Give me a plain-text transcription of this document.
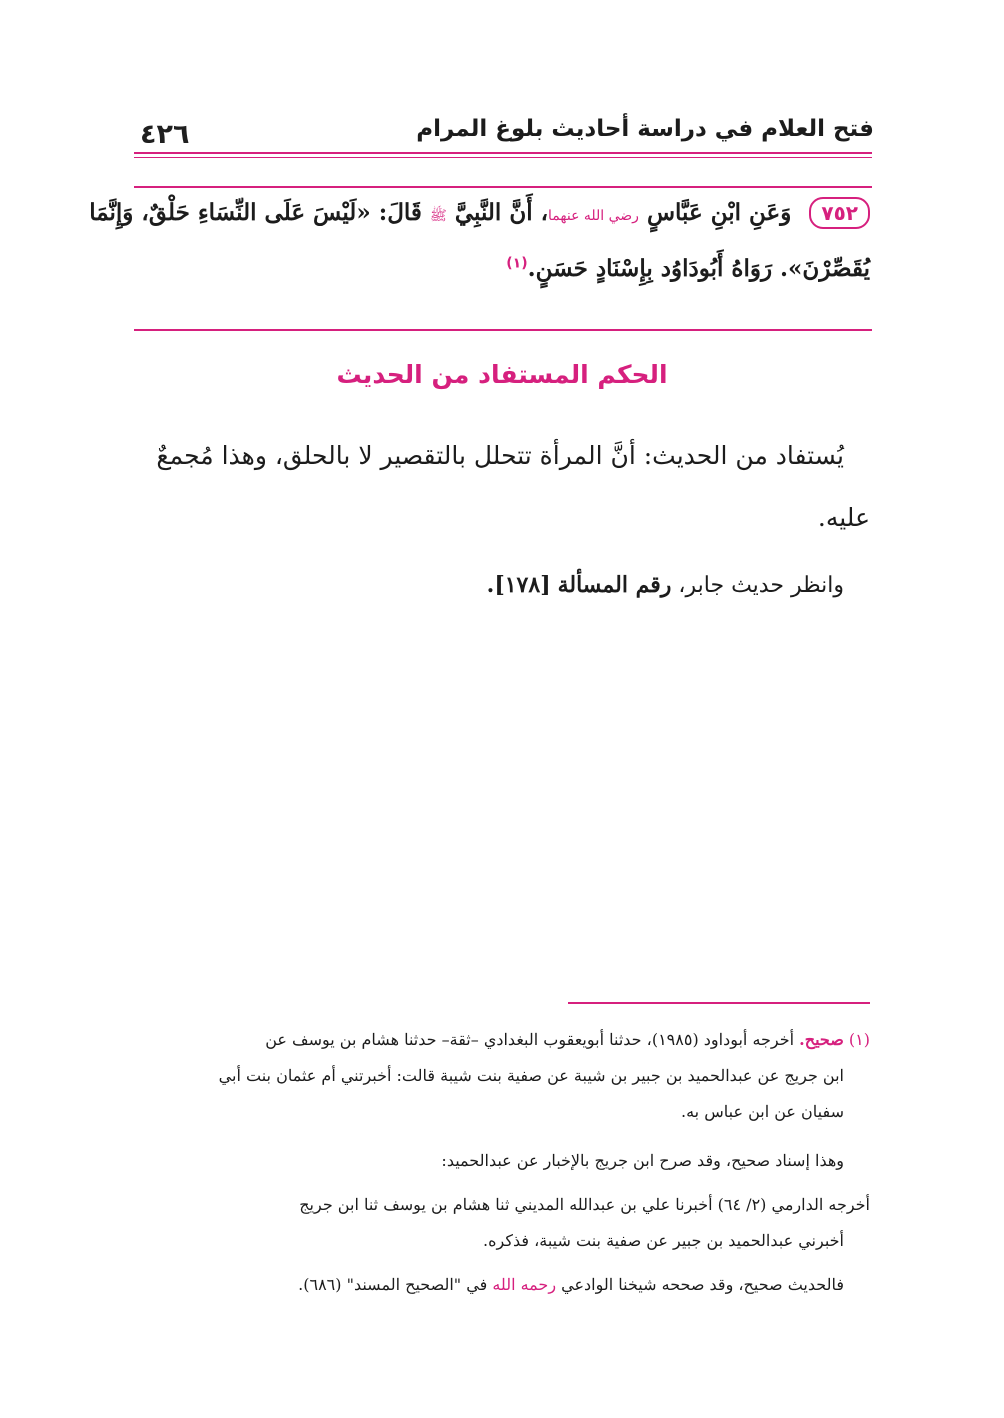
٤٢٦	فتح العلام في دراسة أحاديث بلوغ المرام
٧٥٢ وَعَنِ ابْنِ عَبَّاسٍ رضي الله عنهما، أَنَّ النَّبِيَّ ﷺ قَالَ: «لَيْسَ عَلَى النِّسَاءِ حَلْقٌ، وَإِنَّمَا
يُقَصِّرْنَ». رَوَاهُ أَبُودَاوُد بِإِسْنَادٍ حَسَنٍ.$^{(١)}$
الحكم المستفاد من الحديث
يُستفاد من الحديث: أنَّ المرأة تتحلل بالتقصير لا بالحلق، وهذا مُجمعٌ
عليه.
وانظر حديث جابر، رقم المسألة [١٧٨].
(١) صحيح. أخرجه أبوداود (١٩٨٥)، حدثنا أبويعقوب البغدادي –ثقة– حدثنا هشام بن يوسف عن
ابن جريج عن عبدالحميد بن جبير بن شيبة عن صفية بنت شيبة قالت: أخبرتني أم عثمان بنت أبي
سفيان عن ابن عباس به.
وهذا إسناد صحيح، وقد صرح ابن جريج بالإخبار عن عبدالحميد:
أخرجه الدارمي (٢/ ٦٤) أخبرنا علي بن عبدالله المديني ثنا هشام بن يوسف ثنا ابن جريج
أخبرني عبدالحميد بن جبير عن صفية بنت شيبة، فذكره.
فالحديث صحيح، وقد صححه شيخنا الوادعي رحمه الله في "الصحيح المسند" (٦٨٦).
